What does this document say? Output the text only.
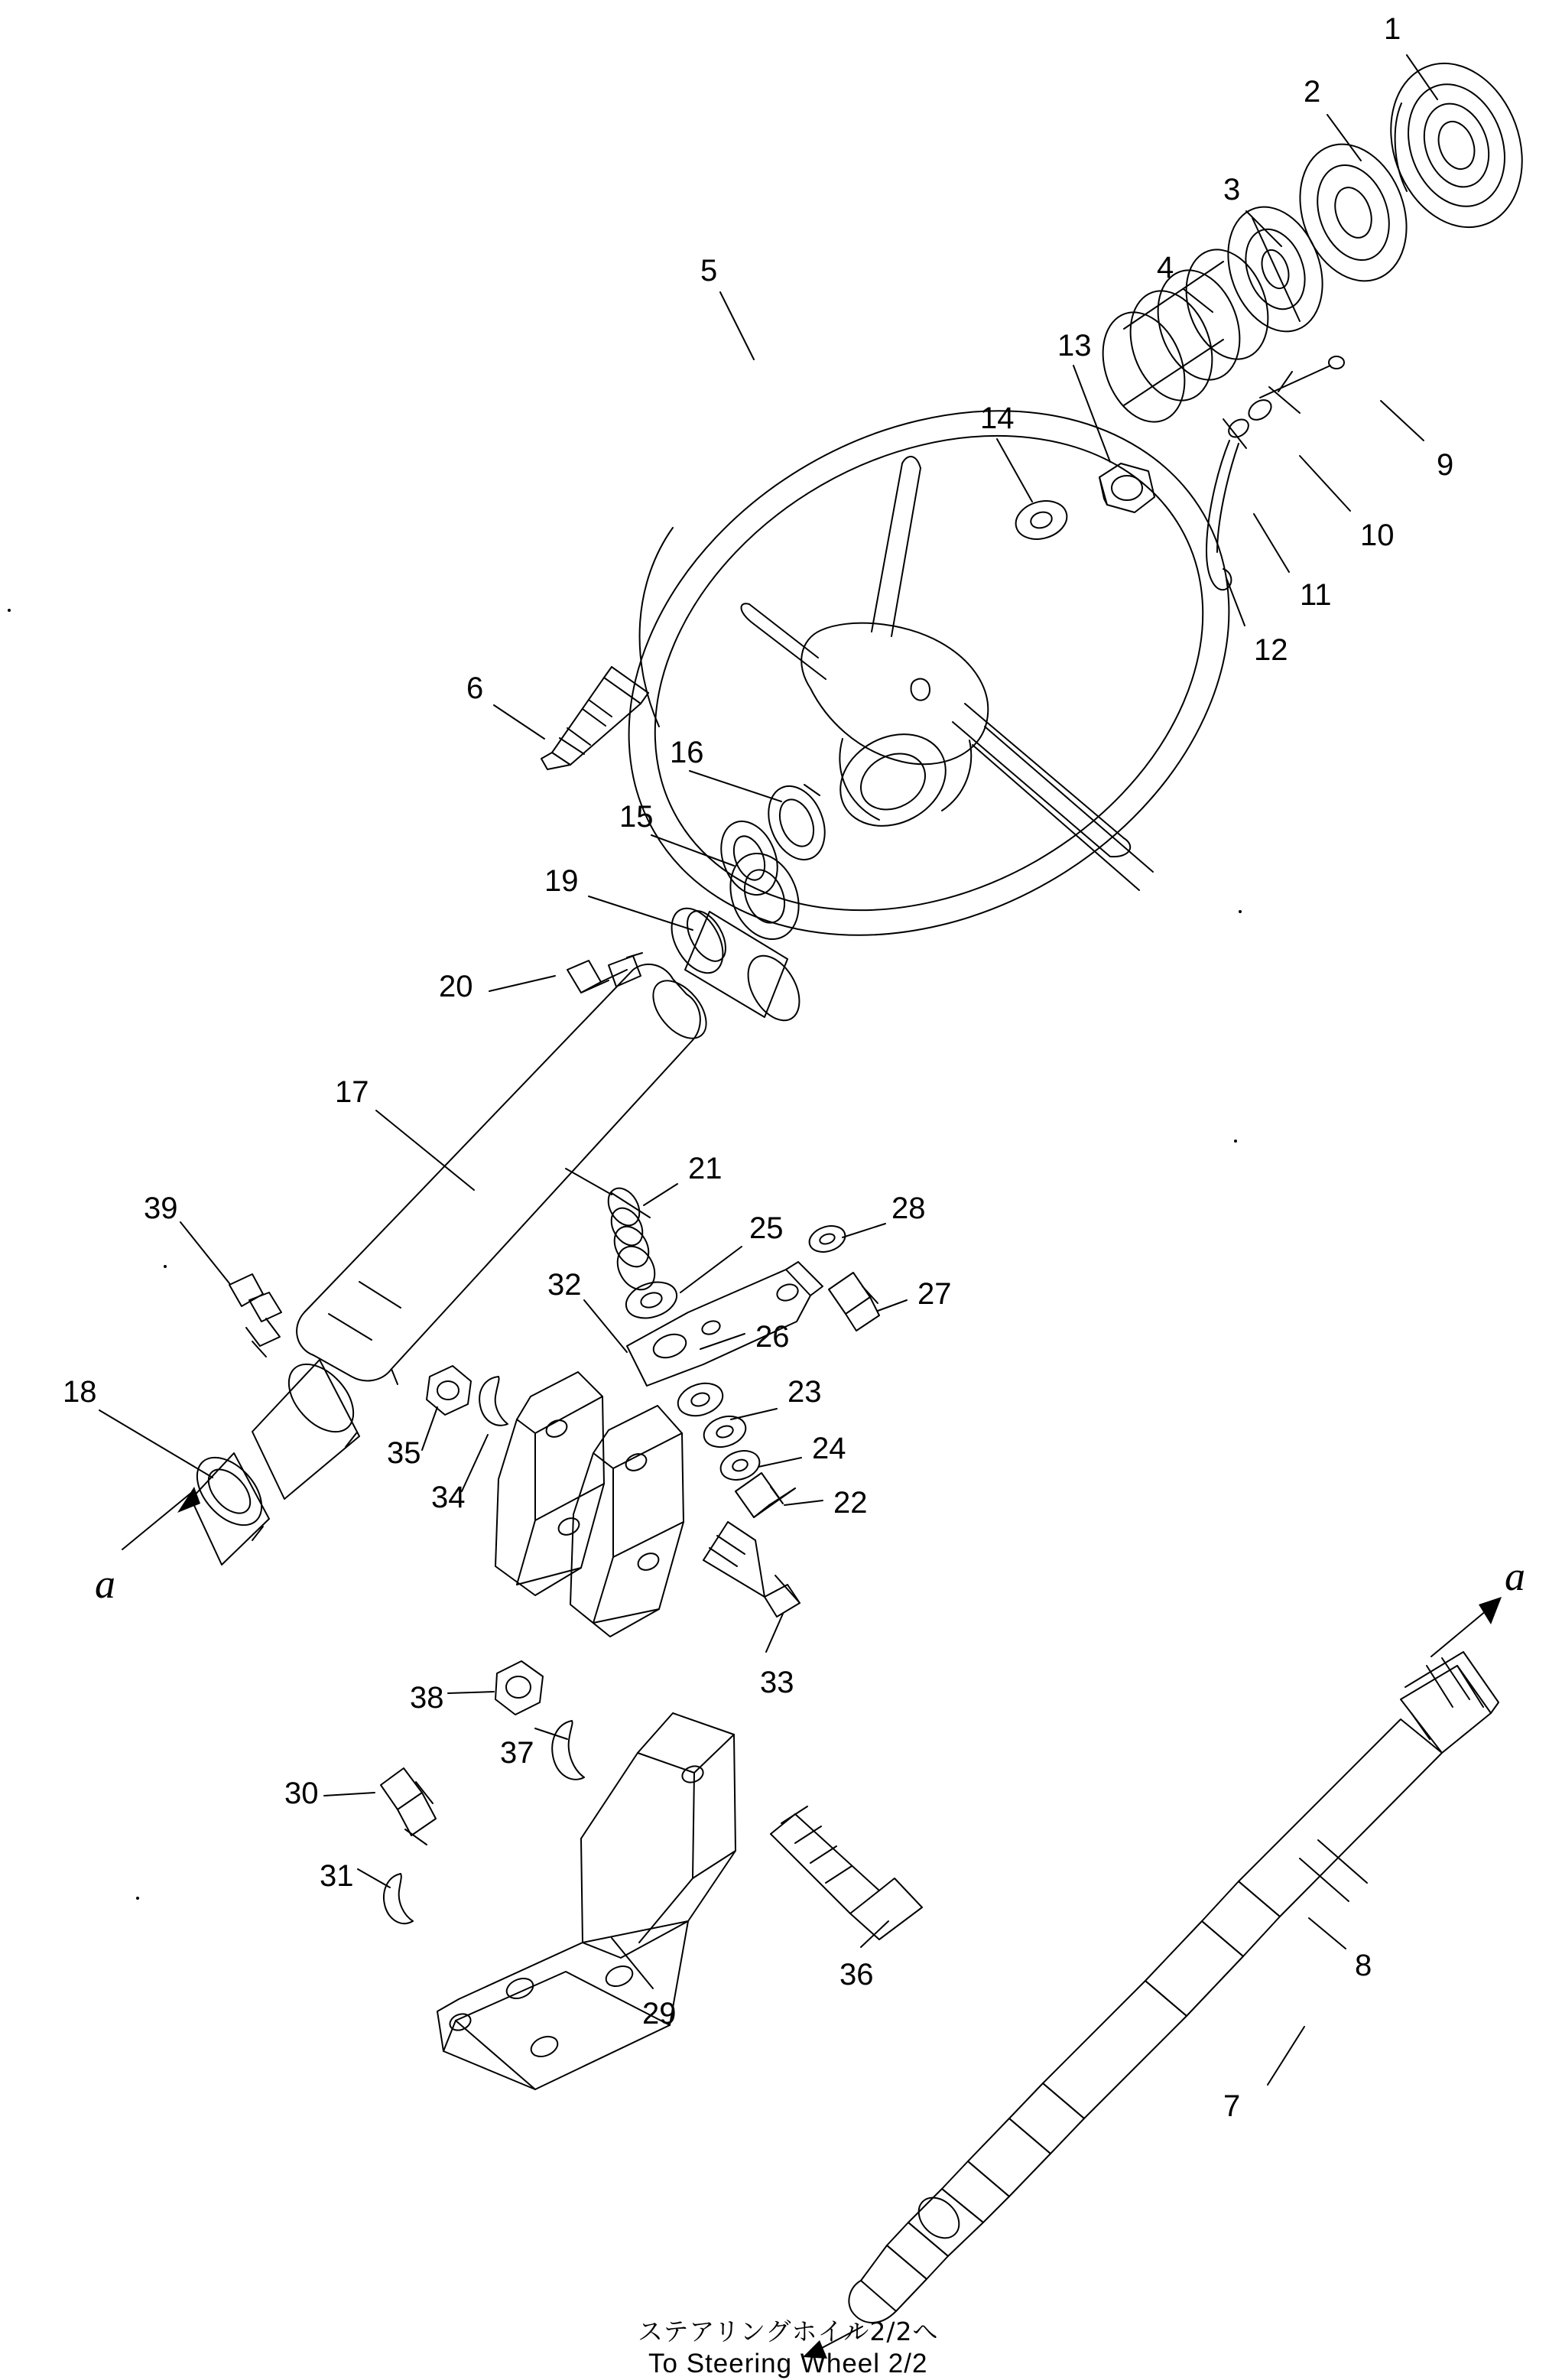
1
2
3
4
5
6
7
8
9
10
11
12
13
14
15
16
17
18
19
20
21
22
23
24
25
26
27
28
29
30
31
32
33
34
35
36
37
38
39
a	a
ステアリングホイル2/2へ
To Steering Wheel 2/2
